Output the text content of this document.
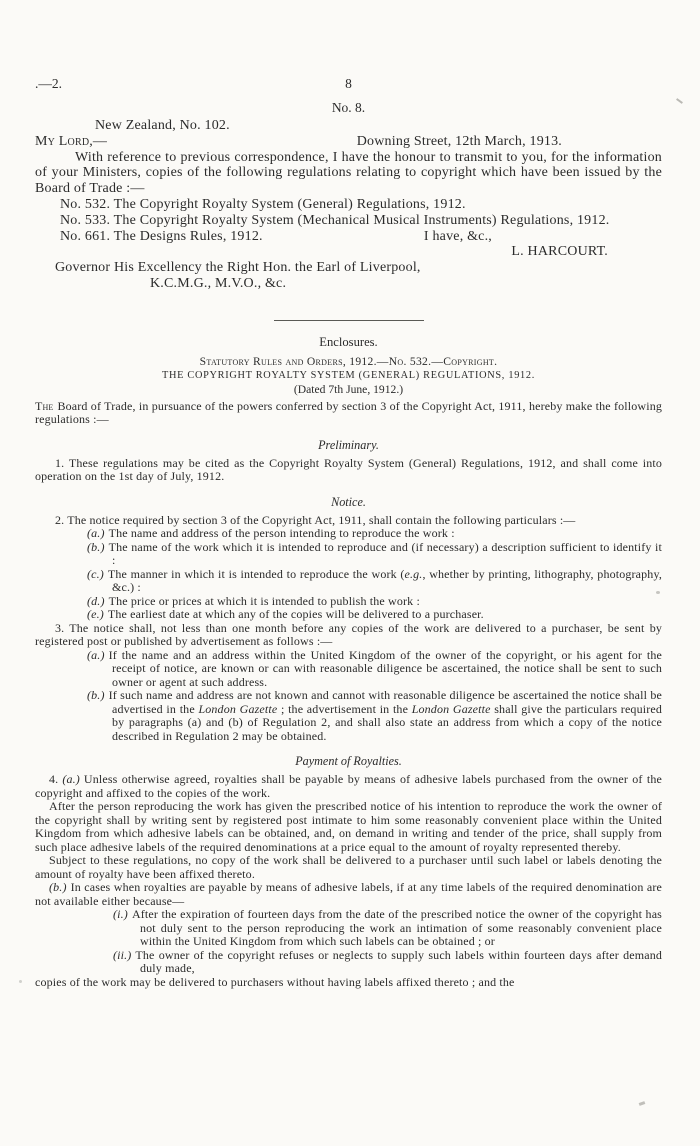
.—2.	8
No. 8.
New Zealand, No. 102.
My Lord,—	Downing Street, 12th March, 1913.

With reference to previous correspondence, I have the honour to transmit to you, for the information of your Ministers, copies of the following regulations relating to copyright which have been issued by the Board of Trade :—

No. 532. The Copyright Royalty System (General) Regulations, 1912.

No. 533. The Copyright Royalty System (Mechanical Musical Instruments) Regulations, 1912.

No. 661. The Designs Rules, 1912.	I have, &c.,
L. HARCOURT.
Governor His Excellency the Right Hon. the Earl of Liverpool,
K.C.M.G., M.V.O., &c.
Enclosures.
Statutory Rules and Orders, 1912.—No. 532.—Copyright.
THE COPYRIGHT ROYALTY SYSTEM (GENERAL) REGULATIONS, 1912.
(Dated 7th June, 1912.)

The Board of Trade, in pursuance of the powers conferred by section 3 of the Copyright Act, 1911, hereby make the following regulations :—

Preliminary.

1. These regulations may be cited as the Copyright Royalty System (General) Regulations, 1912, and shall come into operation on the 1st day of July, 1912.

Notice.

2. The notice required by section 3 of the Copyright Act, 1911, shall contain the following particulars :—

(a.) The name and address of the person intending to reproduce the work :
(b.) The name of the work which it is intended to reproduce and (if necessary) a description sufficient to identify it :
(c.) The manner in which it is intended to reproduce the work (e.g., whether by printing, lithography, photography, &c.) :
(d.) The price or prices at which it is intended to publish the work :
(e.) The earliest date at which any of the copies will be delivered to a purchaser.

3. The notice shall, not less than one month before any copies of the work are delivered to a purchaser, be sent by registered post or published by advertisement as follows :—

(a.) If the name and an address within the United Kingdom of the owner of the copyright, or his agent for the receipt of notice, are known or can with reasonable diligence be ascertained, the notice shall be sent to such owner or agent at such address.
(b.) If such name and address are not known and cannot with reasonable diligence be ascertained the notice shall be advertised in the London Gazette ; the advertisement in the London Gazette shall give the particulars required by paragraphs (a) and (b) of Regulation 2, and shall also state an address from which a copy of the notice described in Regulation 2 may be obtained.
Payment of Royalties.

4. (a.) Unless otherwise agreed, royalties shall be payable by means of adhesive labels purchased from the owner of the copyright and affixed to the copies of the work.

After the person reproducing the work has given the prescribed notice of his intention to reproduce the work the owner of the copyright shall by writing sent by registered post intimate to him some reasonably convenient place within the United Kingdom from which adhesive labels can be obtained, and, on demand in writing and tender of the price, shall supply from such place adhesive labels of the required denominations at a price equal to the amount of royalty represented thereby.

Subject to these regulations, no copy of the work shall be delivered to a purchaser until such label or labels denoting the amount of royalty have been affixed thereto.

(b.) In cases when royalties are payable by means of adhesive labels, if at any time labels of the required denomination are not available either because—

(i.) After the expiration of fourteen days from the date of the prescribed notice the owner of the copyright has not duly sent to the person reproducing the work an intimation of some reasonably convenient place within the United Kingdom from which such labels can be obtained ; or
(ii.) The owner of the copyright refuses or neglects to supply such labels within fourteen days after demand duly made,

copies of the work may be delivered to purchasers without having labels affixed thereto ; and the
